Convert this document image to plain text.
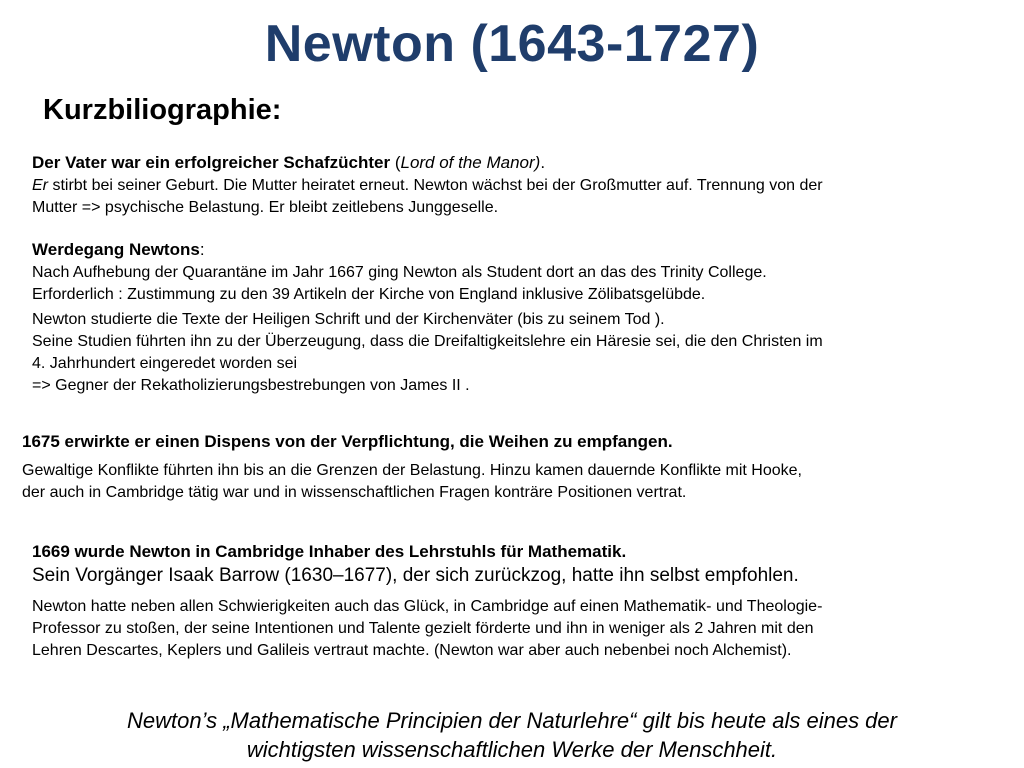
Newton (1643-1727)
Kurzbiliographie:

Der Vater war ein erfolgreicher Schafzüchter (Lord of the Manor).

Er stirbt bei seiner Geburt. Die Mutter heiratet erneut. Newton wächst bei der Großmutter auf. Trennung von der

Mutter => psychische Belastung. Er bleibt zeitlebens Junggeselle.

Werdegang Newtons:

Nach Aufhebung der Quarantäne im Jahr 1667 ging Newton als Student dort an das des Trinity College.

Erforderlich : Zustimmung zu den 39 Artikeln der Kirche von England inklusive Zölibatsgelübde.

Newton studierte die Texte der Heiligen Schrift und der Kirchenväter (bis zu seinem Tod ).

Seine Studien führten ihn zu der Überzeugung, dass die Dreifaltigkeitslehre ein Häresie sei, die den Christen im

4. Jahrhundert eingeredet worden sei

=> Gegner der Rekatholizierungsbestrebungen von James II .

1675 erwirkte er einen Dispens von der Verpflichtung, die Weihen zu empfangen.

Gewaltige Konflikte führten ihn bis an die Grenzen der Belastung. Hinzu kamen dauernde Konflikte mit Hooke,

der auch in Cambridge tätig war und in wissenschaftlichen Fragen konträre Positionen vertrat.

1669 wurde Newton in Cambridge Inhaber des Lehrstuhls für Mathematik.

Sein Vorgänger Isaak Barrow (1630–1677), der sich zurückzog, hatte ihn selbst empfohlen.

Newton hatte neben allen Schwierigkeiten auch das Glück, in Cambridge auf einen Mathematik- und Theologie-

Professor zu stoßen, der seine Intentionen und Talente gezielt förderte und ihn in weniger als 2 Jahren mit den

Lehren Descartes, Keplers und Galileis vertraut machte. (Newton war aber auch nebenbei noch Alchemist).

Newton’s „Mathematische Principien der Naturlehre“ gilt bis heute als eines der
wichtigsten wissenschaftlichen Werke der Menschheit.
